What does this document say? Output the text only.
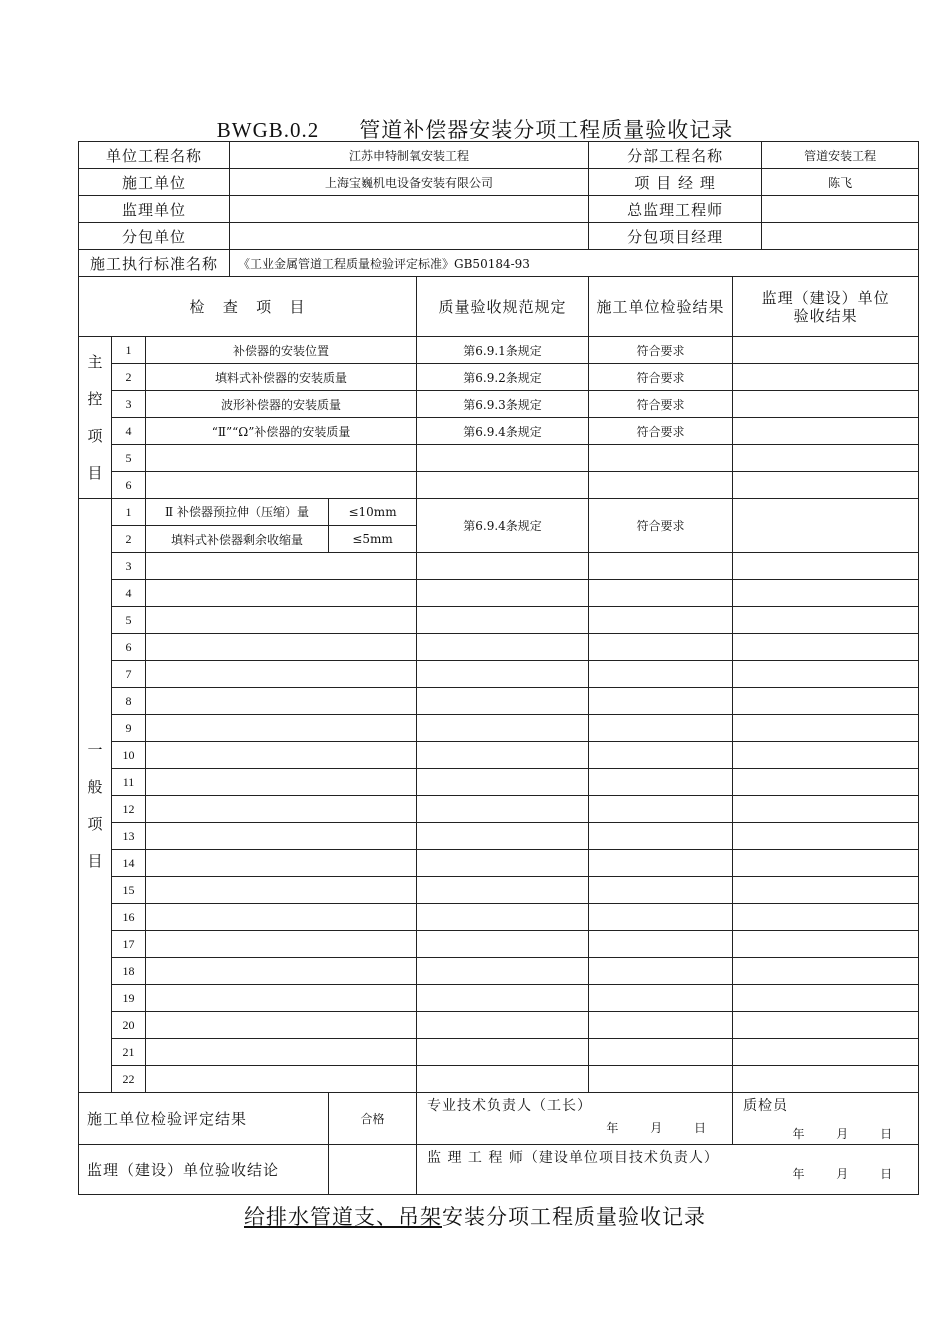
BWGB.0.2 管道补偿器安装分项工程质量验收记录
单位工程名称			江苏申特制氧安装工程			分部工程名称		管道安装工程
施工单位			上海宝巍机电设备安装有限公司			项 目 经 理		陈飞
监理单位						总监理工程师		
分包单位						分包项目经理		
施工执行标准名称			《工业金属管道工程质量检验评定标准》GB50184-93					
检   查   项   目					质量验收规范规定	施工单位检验结果	监理（建设）单位
验收结果	

主
控
项
目	1	补偿器的安装位置			第6.9.1条规定	符合要求		
	2	填料式补偿器的安装质量			第6.9.2条规定	符合要求		
	3	波形补偿器的安装质量			第6.9.3条规定	符合要求		
	4	“Ⅱ”“Ω”补偿器的安装质量			第6.9.4条规定	符合要求		
	5							
	6							

一
般
项
目	1	Ⅱ 补偿器预拉伸（压缩）量		≤10mm	第6.9.4条规定	符合要求		
	2	填料式补偿器剩余收缩量		≤5mm				
	3							
	4							
	5							
	6							
	7							
	8							
	9							
	10							
	11							
	12							
	13							
	14							
	15							
	16							
	17							
	18							
	19							
	20							
	21							
	22							
施工单位检验评定结果				合格	专业技术负责人（工长）
年 月 日		质检员
年 月 日	

监理（建设）单位验收结论					监 理 工 程 师（建设单位项目技术负责人）
年 月 日			
给排水管道支、吊架安装分项工程质量验收记录
